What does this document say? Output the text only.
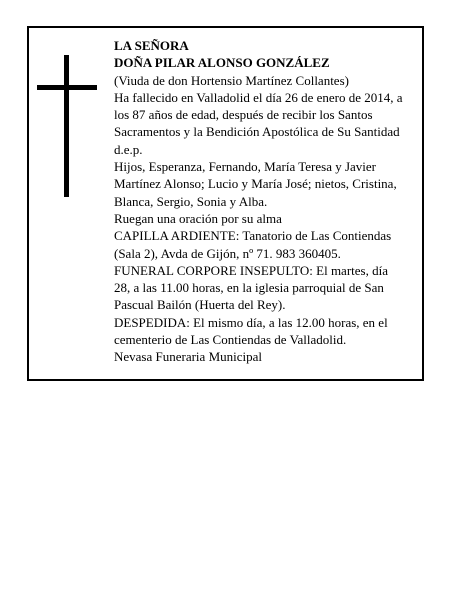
LA SEÑORA
DOÑA PILAR ALONSO GONZÁLEZ
(Viuda de don Hortensio Martínez Collantes)
Ha fallecido en Valladolid el día 26 de enero de 2014, a
los 87 años de edad, después de recibir los Santos
Sacramentos y la Bendición Apostólica de Su Santidad
d.e.p.
Hijos, Esperanza, Fernando, María Teresa y Javier
Martínez Alonso; Lucio y María José; nietos, Cristina,
Blanca, Sergio, Sonia y Alba.
Ruegan una oración por su alma
CAPILLA ARDIENTE: Tanatorio de Las Contiendas
(Sala 2), Avda de Gijón, nº 71. 983 360405.
FUNERAL CORPORE INSEPULTO: El martes, día
28, a las 11.00 horas, en la iglesia parroquial de San
Pascual Bailón (Huerta del Rey).
DESPEDIDA: El mismo día, a las 12.00 horas, en el
cementerio de Las Contiendas de Valladolid.
Nevasa Funeraria Municipal
